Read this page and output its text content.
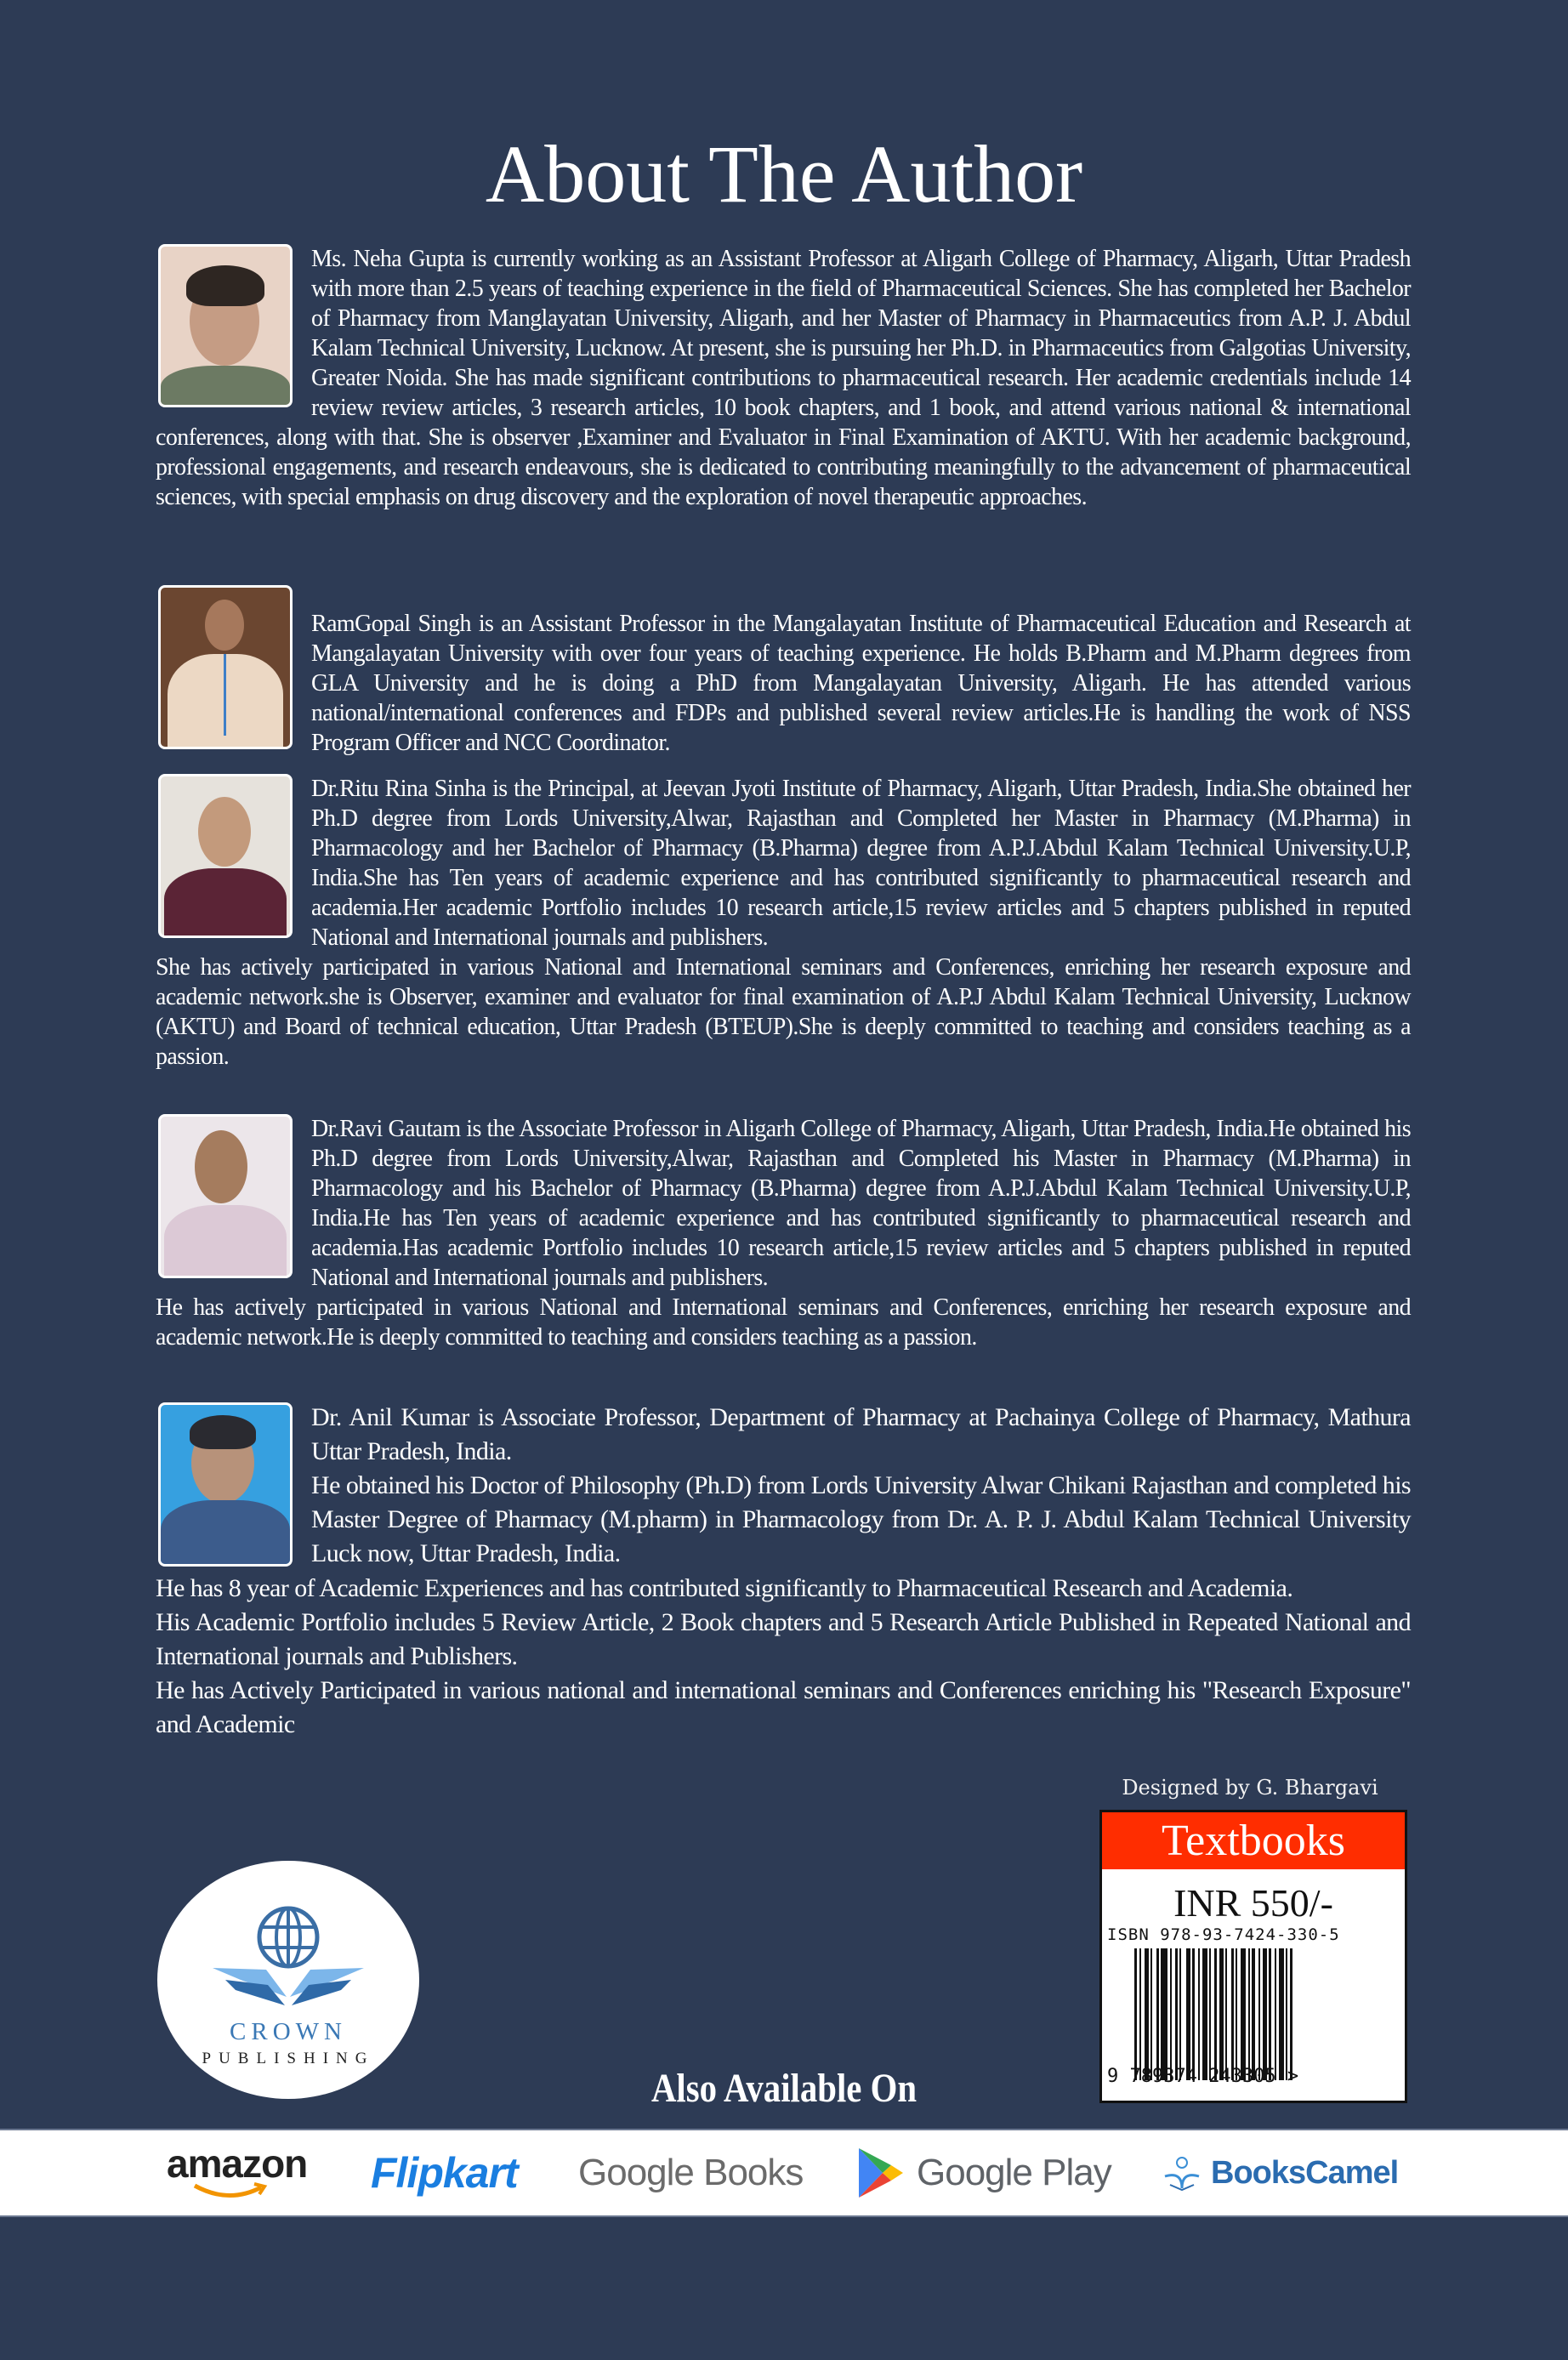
About The Author

Ms. Neha Gupta is currently working as an Assistant Professor at Aligarh College of Pharmacy, Aligarh, Uttar Pradesh with more than 2.5 years of teaching experience in the field of Pharmaceutical Sciences. She has completed her Bachelor of Pharmacy from Manglayatan University, Aligarh, and her Master of Pharmacy in Pharmaceutics from A.P. J. Abdul Kalam Technical University, Lucknow. At present, she is pursuing her Ph.D. in Pharmaceutics from Galgotias University, Greater Noida. She has made significant contributions to pharmaceutical research. Her academic credentials include 14 review review articles, 3 research articles, 10 book chapters, and 1 book, and attend various national & international conferences, along with that. She is observer ,Examiner and Evaluator in Final Examination of AKTU. With her academic background, professional engagements, and research endeavours, she is dedicated to contributing meaningfully to the advancement of pharmaceutical sciences, with special emphasis on drug discovery and the exploration of novel therapeutic approaches.

RamGopal Singh is an Assistant Professor in the Mangalayatan Institute of Pharmaceutical Education and Research at Mangalayatan University with over four years of teaching experience. He holds B.Pharm and M.Pharm degrees from GLA University and he is doing a PhD from Mangalayatan University, Aligarh. He has attended various national/international conferences and FDPs and published several review articles.He is handling the work of NSS Program Officer and NCC Coordinator.

Dr.Ritu Rina Sinha is the Principal, at Jeevan Jyoti Institute of Pharmacy, Aligarh, Uttar Pradesh, India.She obtained her Ph.D degree from Lords University,Alwar, Rajasthan and Completed her Master in Pharmacy (M.Pharma) in Pharmacology and her Bachelor of Pharmacy (B.Pharma) degree from A.P.J.Abdul Kalam Technical University.U.P, India.She has Ten years of academic experience and has contributed significantly to pharmaceutical research and academia.Her academic Portfolio includes 10 research article,15 review articles and 5 chapters published in reputed National and International journals and publishers.

She has actively participated in various National and International seminars and Conferences, enriching her research exposure and academic network.she is Observer, examiner and evaluator for final examination of A.P.J Abdul Kalam Technical University, Lucknow (AKTU) and Board of technical education, Uttar Pradesh (BTEUP).She is deeply committed to teaching and considers teaching as a passion.

Dr.Ravi Gautam is the Associate Professor in Aligarh College of Pharmacy, Aligarh, Uttar Pradesh, India.He obtained his Ph.D degree from Lords University,Alwar, Rajasthan and Completed his Master in Pharmacy (M.Pharma) in Pharmacology and his Bachelor of Pharmacy (B.Pharma) degree from A.P.J.Abdul Kalam Technical University.U.P, India.He has Ten years of academic experience and has contributed significantly to pharmaceutical research and academia.Has academic Portfolio includes 10 research article,15 review articles and 5 chapters published in reputed National and International journals and publishers.

He has actively participated in various National and International seminars and Conferences, enriching her research exposure and academic network.He is deeply committed to teaching and considers teaching as a passion.

Dr. Anil Kumar is Associate Professor, Department of Pharmacy at Pachainya College of Pharmacy, Mathura Uttar Pradesh, India.

He obtained his Doctor of Philosophy (Ph.D) from Lords University Alwar Chikani Rajasthan and completed his Master Degree of Pharmacy (M.pharm) in Pharmacology from Dr. A. P. J. Abdul Kalam Technical University Luck now, Uttar Pradesh, India.

He has 8 year of Academic Experiences and has contributed significantly to Pharmaceutical Research and Academia.

His Academic Portfolio includes 5 Review Article, 2 Book chapters and 5 Research Article Published in Repeated National and International journals and Publishers.

He has Actively Participated in various national and international seminars and Conferences enriching his "Research Exposure" and Academic

Designed by G. Bhargavi
Textbooks
INR 550/-
ISBN 978-93-7424-330-5
9 789374 243305 >
CROWN
PUBLISHING
Also Available On
amazon Flipkart Google Books	Google Play	BooksCamel
